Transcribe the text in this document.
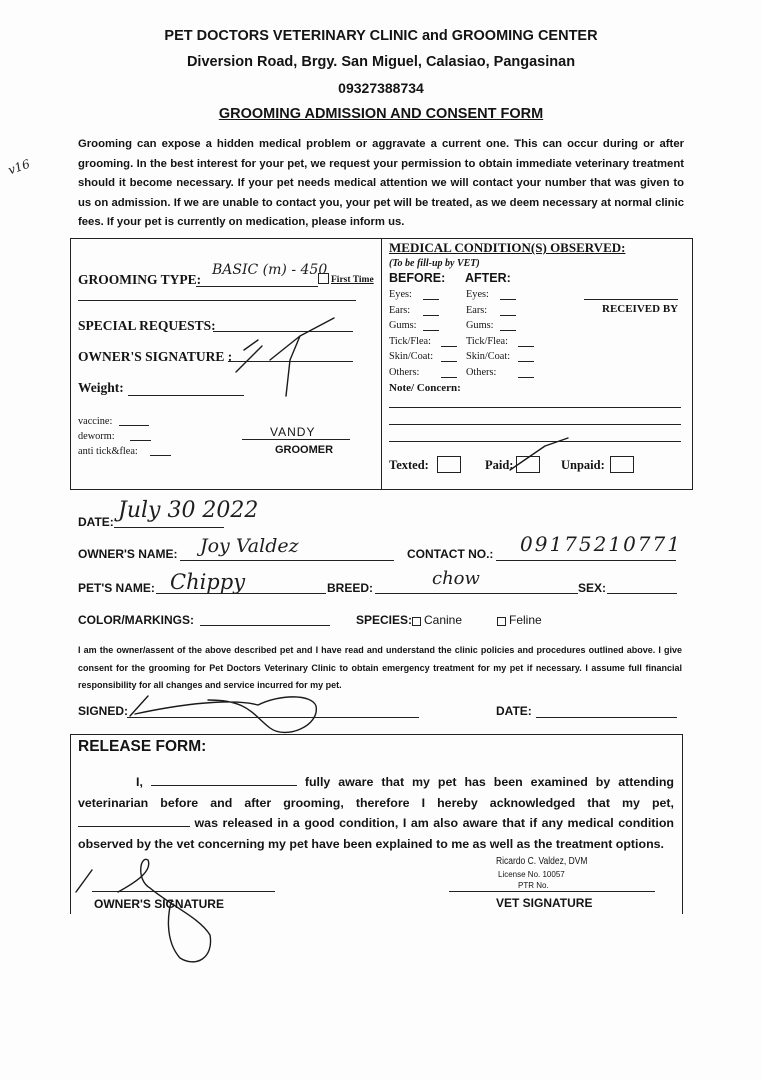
PET DOCTORS VETERINARY CLINIC and GROOMING CENTER
Diversion Road, Brgy. San Miguel, Calasiao, Pangasinan
09327388734
GROOMING ADMISSION AND CONSENT FORM
v16
Grooming can expose a hidden medical problem or aggravate a current one. This can occur during or after grooming. In the best interest for your pet, we request your permission to obtain immediate veterinary treatment should it become necessary. If your pet needs medical attention we will contact your number that was given to us on admission. If we are unable to contact you, your pet will be treated, as we deem necessary at normal clinic fees. If your pet is currently on medication, please inform us.
GROOMING TYPE:
BASIC (m) - 450
First Time
SPECIAL REQUESTS:
OWNER'S SIGNATURE :
Weight:
vaccine:
deworm:
anti tick&flea:
VANDY
GROOMER
MEDICAL CONDITION(S) OBSERVED:
(To be fill-up by VET)
BEFORE: AFTER:
Eyes:	Eyes:
Ears:	Ears:
Gums:	Gums:
Tick/Flea:	Tick/Flea:
Skin/Coat:	Skin/Coat:
Others:	Others:
RECEIVED BY
Note/ Concern:
Texted:	Paid:	Unpaid:
DATE: July 30 2022
OWNER'S NAME: Joy Valdez	CONTACT NO.: 09175210771
PET'S NAME: Chippy	BREED:	chow	SEX:
COLOR/MARKINGS:	SPECIES: Canine	Feline
I am the owner/assent of the above described pet and I have read and understand the clinic policies and procedures outlined above. I give consent for the grooming for Pet Doctors Veterinary Clinic to obtain emergency treatment for my pet if necessary. I assume full financial responsibility for all changes and service incurred for my pet.
SIGNED:	DATE:
RELEASE FORM:
I,	fully aware that my pet has been examined by attending veterinarian before and after grooming, therefore I hereby acknowledged that my pet,  was released in a good condition, I am also aware that if any medical condition observed by the vet concerning my pet have been explained to me as well as the treatment options.
Ricardo C. Valdez, DVM
License No. 10057
PTR No.
OWNER'S SIGNATURE	VET SIGNATURE
